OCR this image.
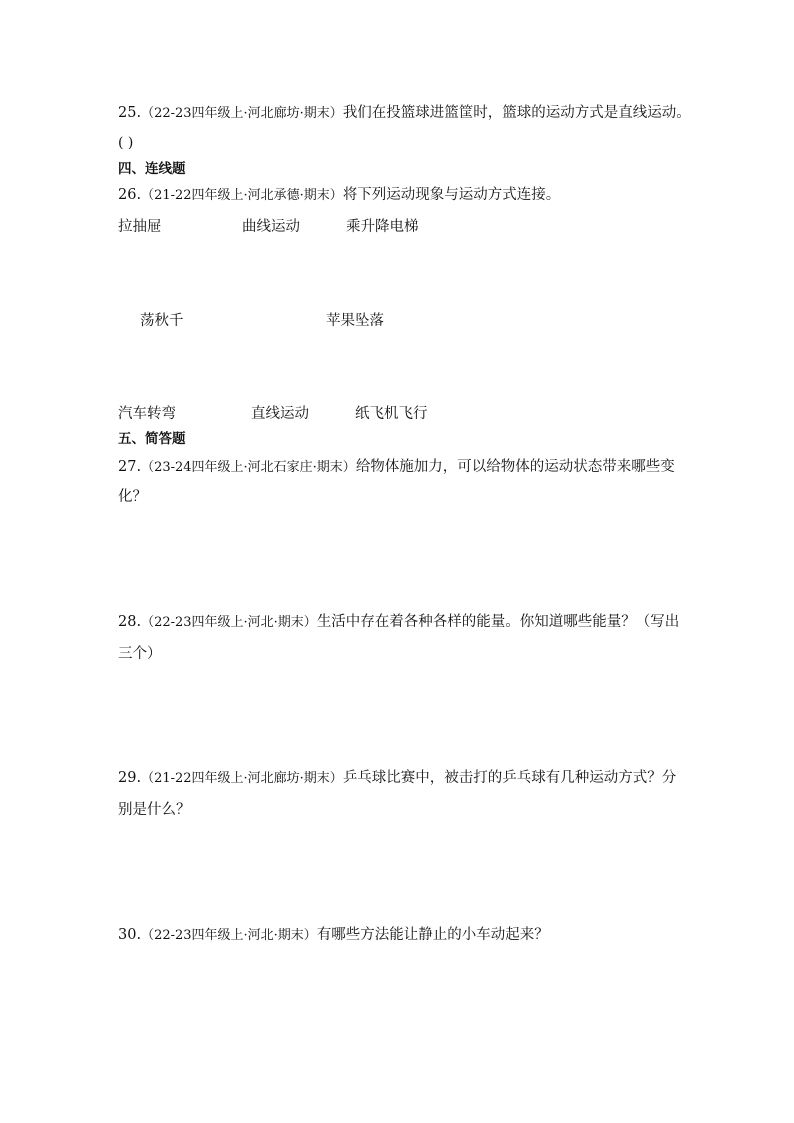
25.（22-23四年级上·河北廊坊·期末）我们在投篮球进篮筐时，篮球的运动方式是直线运动。
( )
四、连线题
26.（21-22四年级上·河北承德·期末）将下列运动现象与运动方式连接。
拉抽屉	曲线运动	乘升降电梯
荡秋千	苹果坠落
汽车转弯	直线运动	纸飞机飞行
五、简答题
27.（23-24四年级上·河北石家庄·期末）给物体施加力，可以给物体的运动状态带来哪些变
化？
28.（22-23四年级上·河北·期末）生活中存在着各种各样的能量。你知道哪些能量？（写出
三个）
29.（21-22四年级上·河北廊坊·期末）乒乓球比赛中，被击打的乒乓球有几种运动方式？分
别是什么？
30.（22-23四年级上·河北·期末）有哪些方法能让静止的小车动起来？
